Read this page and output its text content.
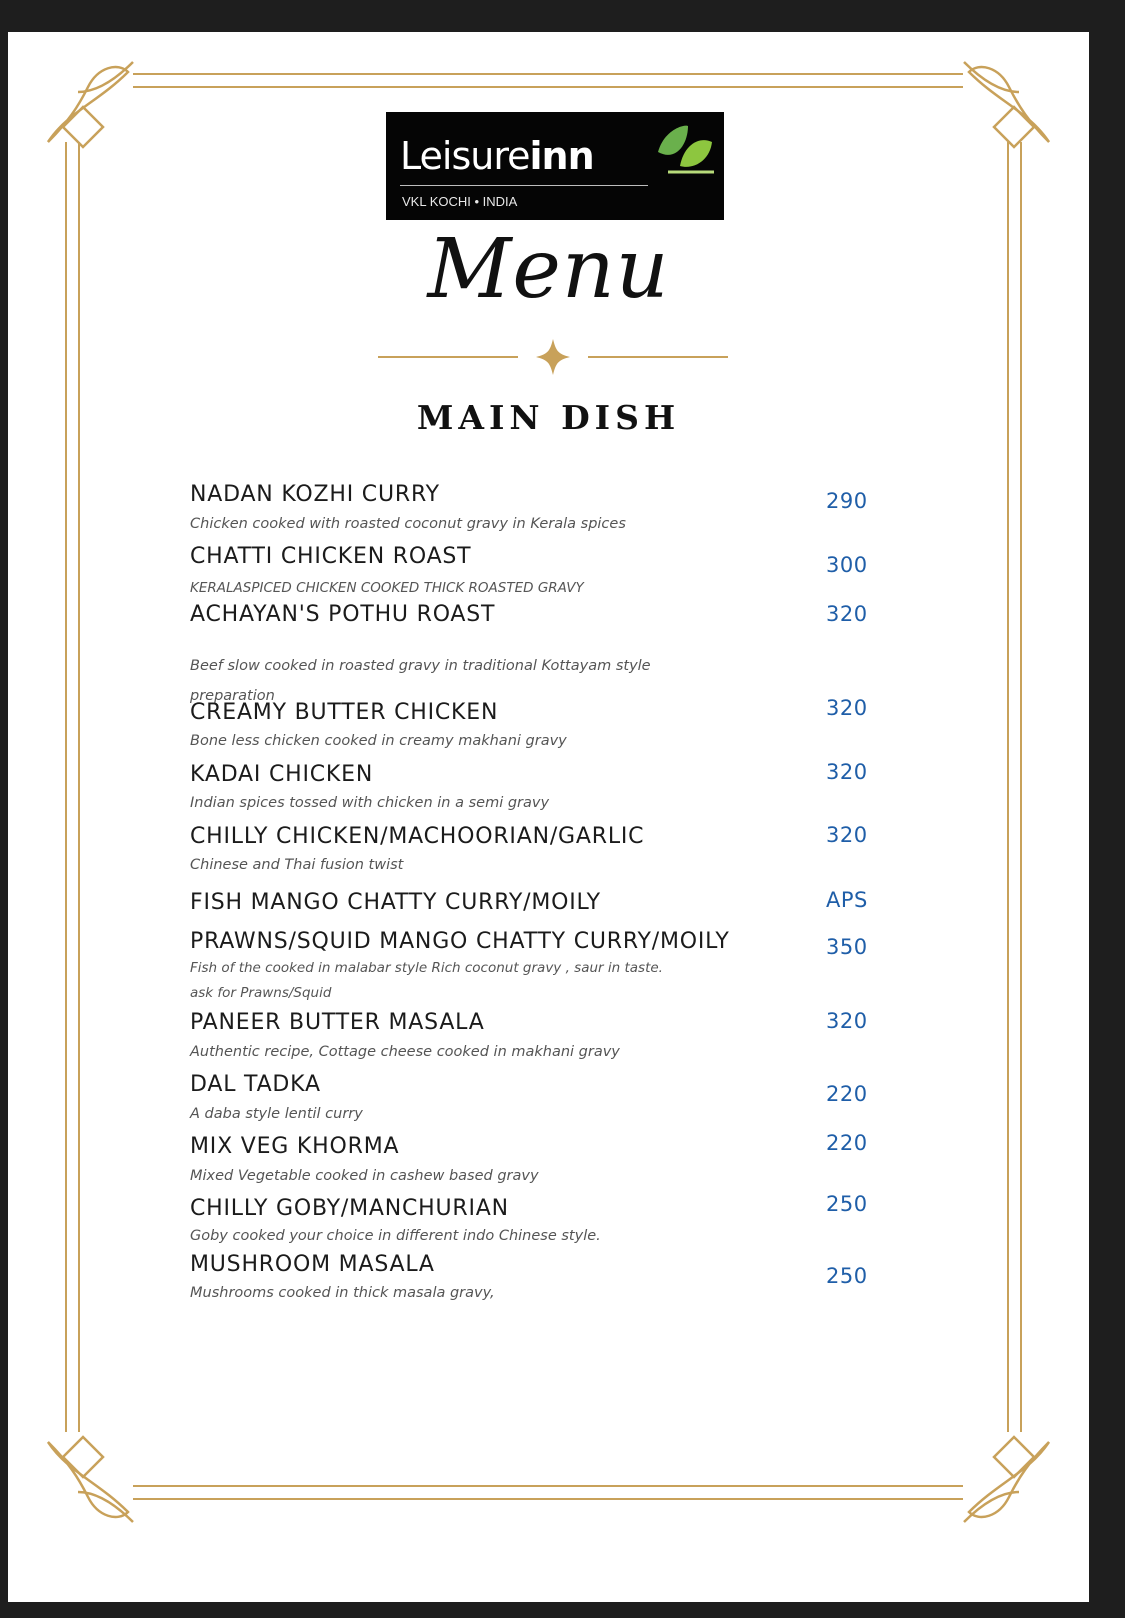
Leisureinn
VKL KOCHI • INDIA
Menu
MAIN DISH
NADAN KOZHI CURRY
Chicken cooked with roasted coconut gravy in Kerala spices
290
CHATTI CHICKEN ROAST
KERALASPICED CHICKEN COOKED THICK ROASTED GRAVY
300
ACHAYAN'S POTHU ROAST
Beef slow cooked in roasted gravy in traditional Kottayam style
preparation
320
CREAMY BUTTER CHICKEN
Bone less chicken cooked in creamy makhani gravy
320
KADAI CHICKEN
Indian spices tossed with chicken in a semi gravy
320
CHILLY CHICKEN/MACHOORIAN/GARLIC
Chinese and Thai fusion twist
320
FISH MANGO CHATTY CURRY/MOILY	APS
PRAWNS/SQUID MANGO CHATTY CURRY/MOILY
Fish of the cooked in malabar style Rich coconut gravy , saur in taste.
ask for Prawns/Squid
350
PANEER BUTTER MASALA
Authentic recipe, Cottage cheese cooked in makhani gravy
320
DAL TADKA
A daba style lentil curry
220
MIX VEG KHORMA
Mixed Vegetable cooked in cashew based gravy
220
CHILLY GOBY/MANCHURIAN
Goby cooked your choice in different indo Chinese style.
250
MUSHROOM MASALA
Mushrooms cooked in thick masala gravy,
250
